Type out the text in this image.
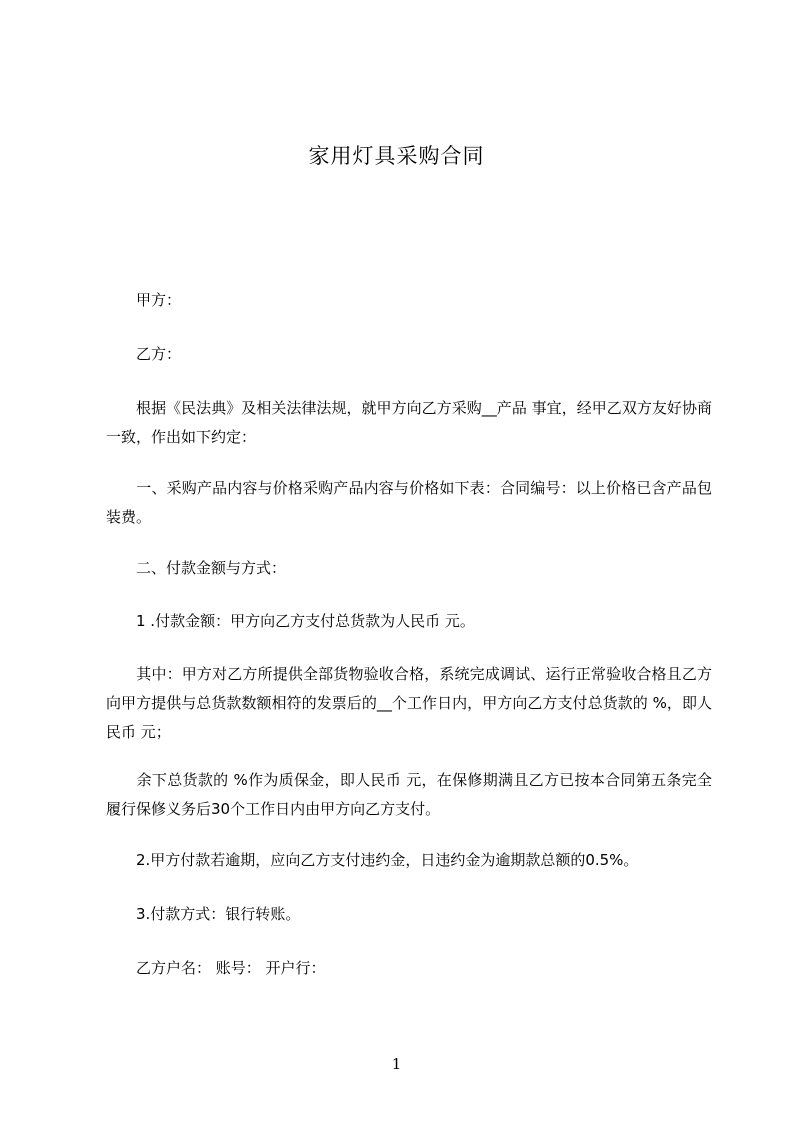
家用灯具采购合同

　　甲方：

　　乙方：

　　根据《民法典》及相关法律法规，就甲方向乙方采购__产品 事宜，经甲乙双方友好协商一致，作出如下约定：

　　一、采购产品内容与价格采购产品内容与价格如下表：合同编号：以上价格已含产品包装费。

　　二、付款金额与方式：

　　1 .付款金额：甲方向乙方支付总货款为人民币 元。

　　其中：甲方对乙方所提供全部货物验收合格，系统完成调试、运行正常验收合格且乙方向甲方提供与总货款数额相符的发票后的__个工作日内，甲方向乙方支付总货款的 %，即人民币 元；

　　余下总货款的 %作为质保金，即人民币 元，在保修期满且乙方已按本合同第五条完全履行保修义务后30个工作日内由甲方向乙方支付。

　　2.甲方付款若逾期，应向乙方支付违约金，日违约金为逾期款总额的0.5%。

　　3.付款方式：银行转账。

　　乙方户名： 账号： 开户行：

1
